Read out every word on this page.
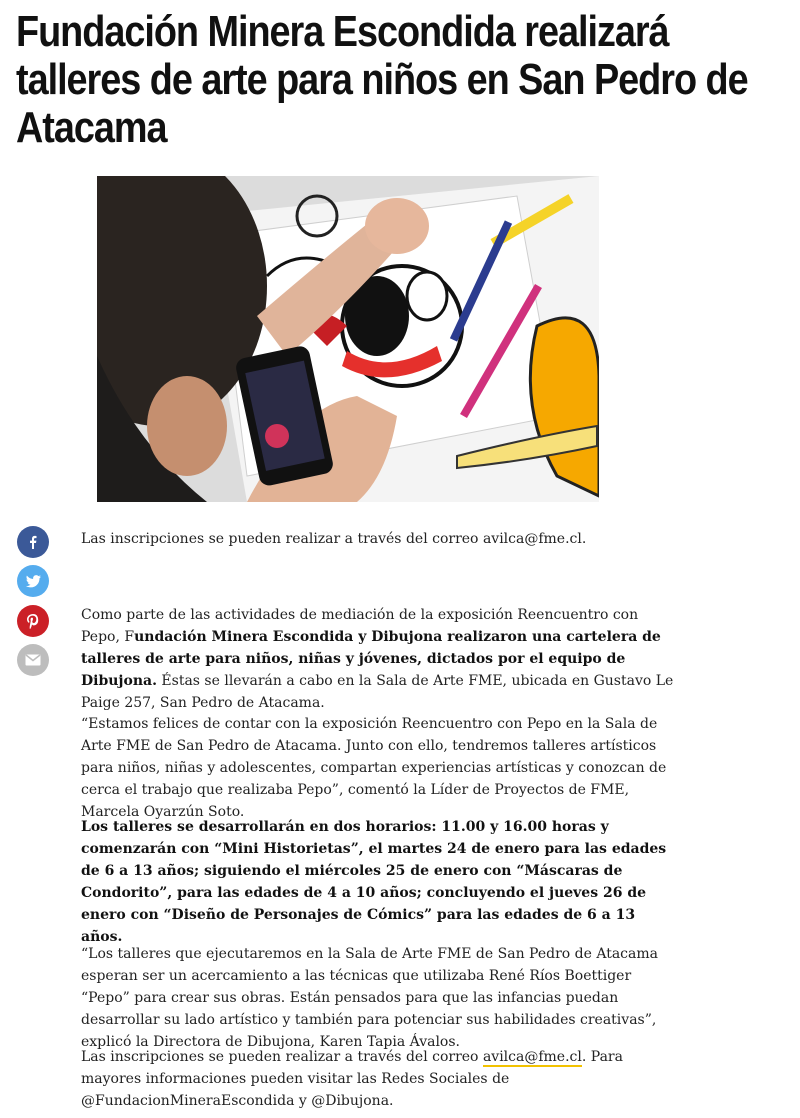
Fundación Minera Escondida realizará talleres de arte para niños en San Pedro de Atacama

Las inscripciones se pueden realizar a través del correo avilca@fme.cl.

Como parte de las actividades de mediación de la exposición Reencuentro con Pepo, Fundación Minera Escondida y Dibujona realizaron una cartelera de talleres de arte para niños, niñas y jóvenes, dictados por el equipo de Dibujona. Éstas se llevarán a cabo en la Sala de Arte FME, ubicada en Gustavo Le Paige 257, San Pedro de Atacama.

“Estamos felices de contar con la exposición Reencuentro con Pepo en la Sala de Arte FME de San Pedro de Atacama. Junto con ello, tendremos talleres artísticos para niños, niñas y adolescentes, compartan experiencias artísticas y conozcan de cerca el trabajo que realizaba Pepo”, comentó la Líder de Proyectos de FME, Marcela Oyarzún Soto.

Los talleres se desarrollarán en dos horarios: 11.00 y 16.00 horas y comenzarán con “Mini Historietas”, el martes 24 de enero para las edades de 6 a 13 años; siguiendo el miércoles 25 de enero con “Máscaras de Condorito”, para las edades de 4 a 10 años; concluyendo el jueves 26 de enero con “Diseño de Personajes de Cómics” para las edades de 6 a 13 años.

“Los talleres que ejecutaremos en la Sala de Arte FME de San Pedro de Atacama esperan ser un acercamiento a las técnicas que utilizaba René Ríos Boettiger “Pepo” para crear sus obras. Están pensados para que las infancias puedan desarrollar su lado artístico y también para potenciar sus habilidades creativas”, explicó la Directora de Dibujona, Karen Tapia Ávalos.

Las inscripciones se pueden realizar a través del correo avilca@fme.cl. Para mayores informaciones pueden visitar las Redes Sociales de @FundacionMineraEscondida y @Dibujona.
